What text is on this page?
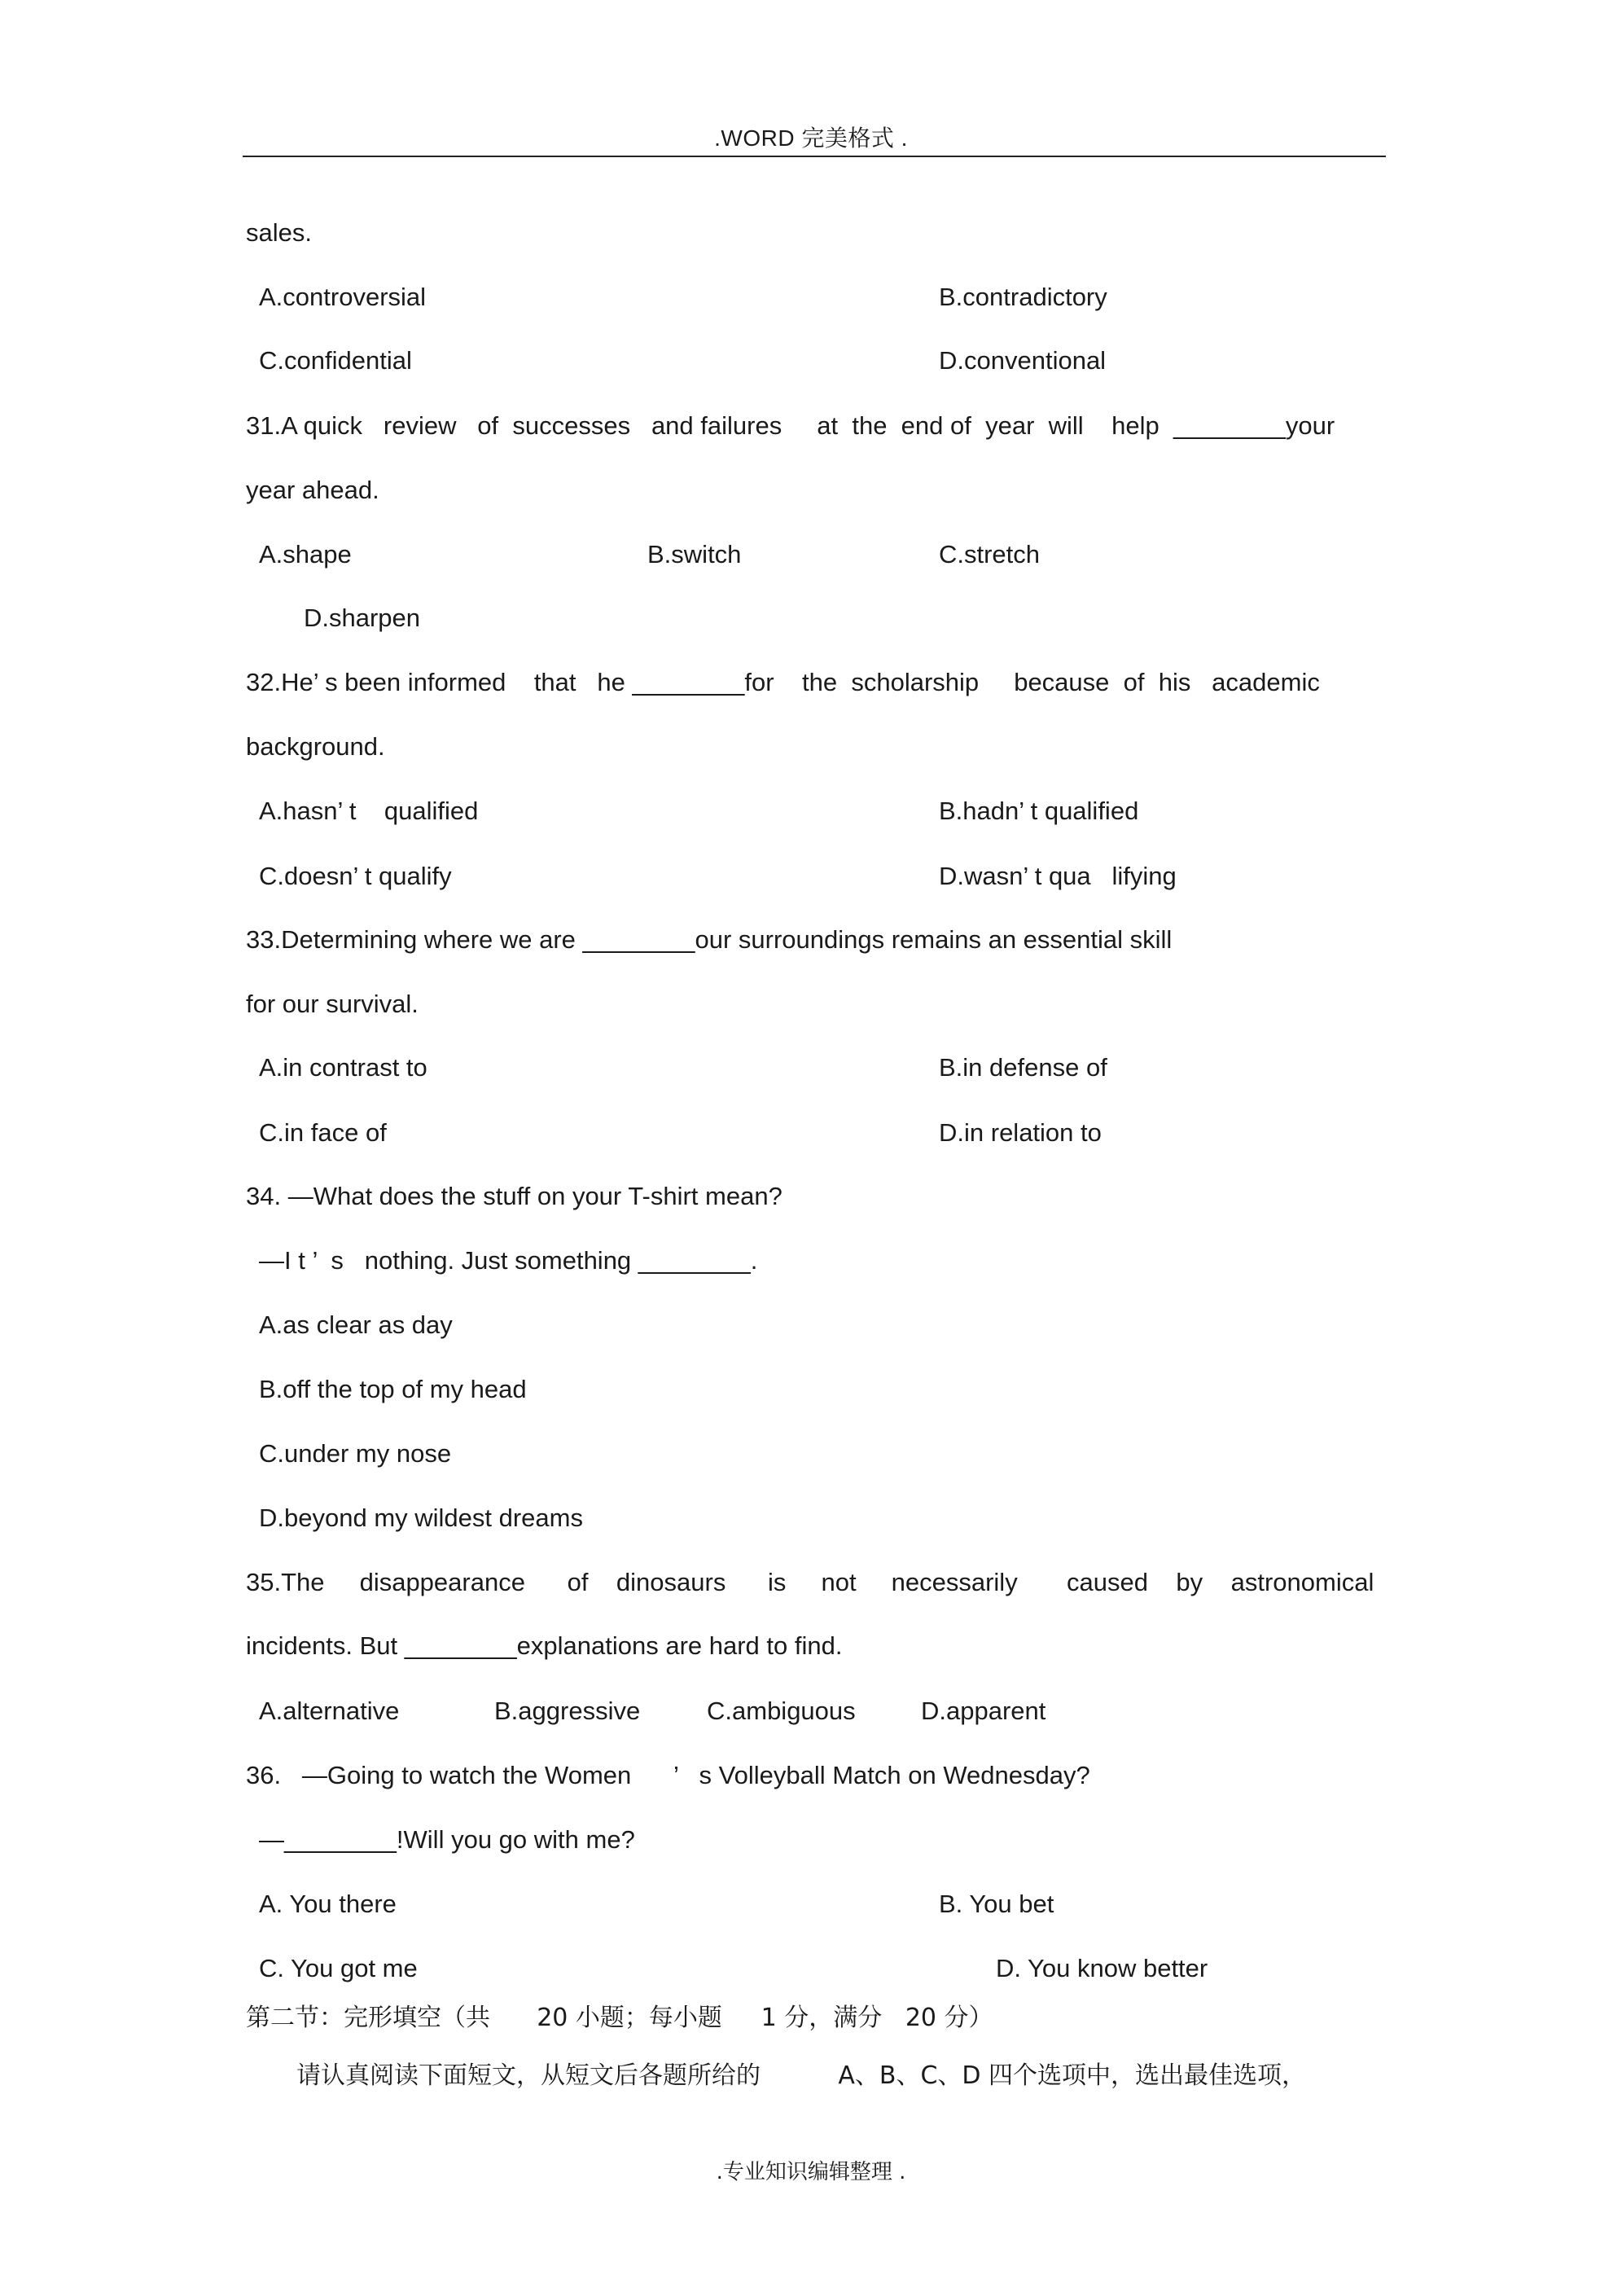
.WORD 完美格式 .
sales.
A.controversial	B.contradictory
C.confidential	D.conventional
31.A quick   review   of  successes   and failures     at  the  end of  year  will    help  ________your
year ahead.
A.shape	B.switch	C.stretch
D.sharpen
32.He’ s been informed    that   he ________for    the  scholarship     because  of  his   academic
background.
A.hasn’ t    qualified	B.hadn’ t qualified
C.doesn’ t qualify	D.wasn’ t qua   lifying
33.Determining where we are ________our surroundings remains an essential skill
for our survival.
A.in contrast to	B.in defense of
C.in face of	D.in relation to
34. —What does the stuff on your T-shirt mean?
—I t ’  s   nothing. Just something ________.
A.as clear as day
B.off the top of my head
C.under my nose
D.beyond my wildest dreams
35.The     disappearance      of    dinosaurs      is     not     necessarily       caused    by    astronomical
incidents. But ________explanations are hard to find.
A.alternative	B.aggressive	C.ambiguous	D.apparent
36.   —Going to watch the Women      ’   s Volleyball Match on Wednesday?
—________!Will you go with me?
A. You there	B. You bet
C. You got me	D. You know better
第二节：完形填空（共      20 小题；每小题     1 分，满分   20 分）
请认真阅读下面短文，从短文后各题所给的          A、B、C、D 四个选项中，选出最佳选项，
.专业知识编辑整理 .
